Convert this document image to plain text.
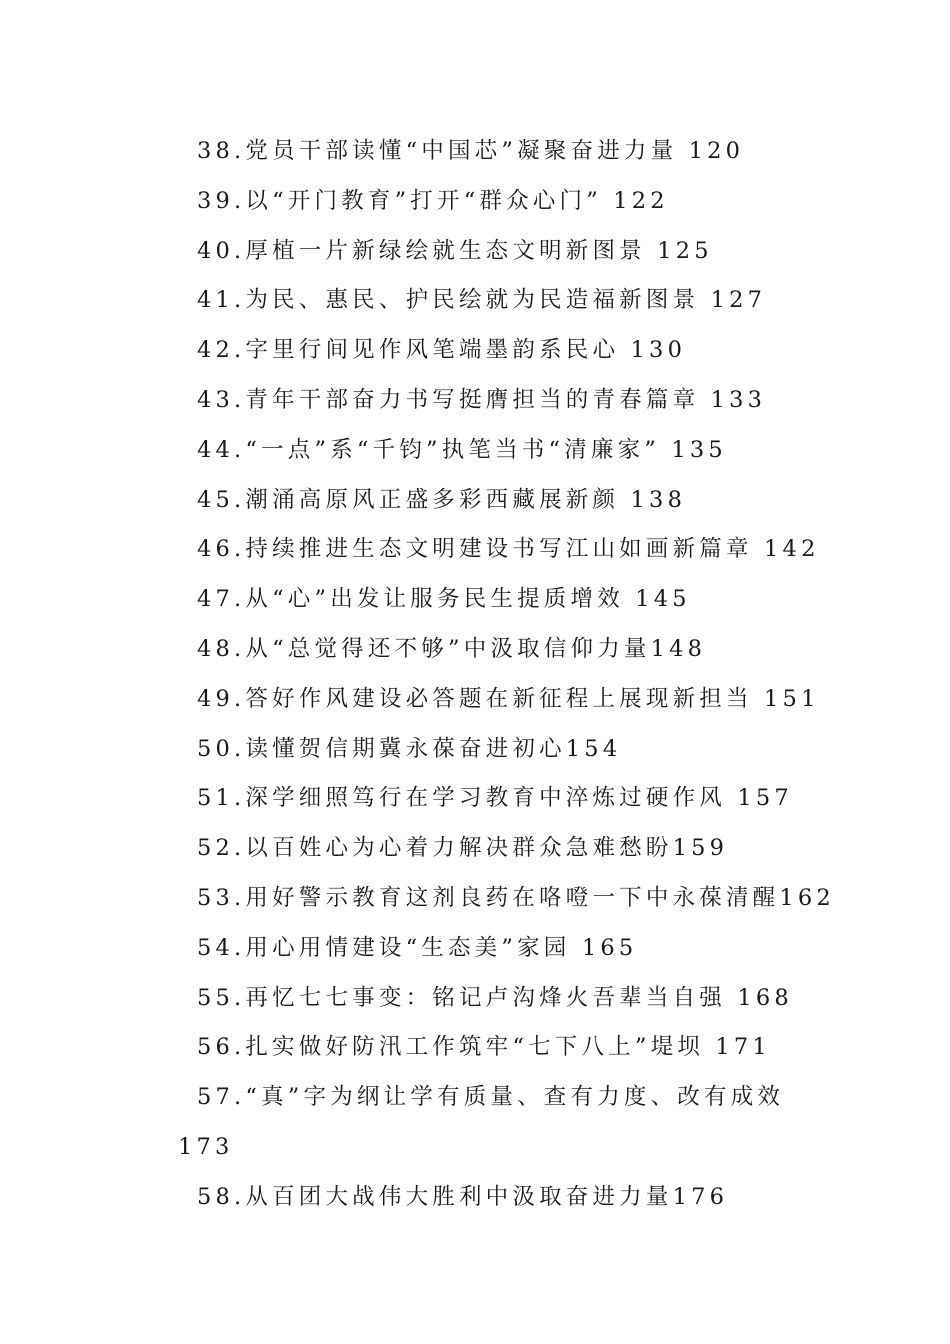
38.党员干部读懂“中国芯”凝聚奋进力量 120
39.以“开门教育”打开“群众心门” 122
40.厚植一片新绿绘就生态文明新图景 125
41.为民、惠民、护民绘就为民造福新图景 127
42.字里行间见作风笔端墨韵系民心 130
43.青年干部奋力书写挺膺担当的青春篇章 133
44.“一点”系“千钧”执笔当书“清廉家” 135
45.潮涌高原风正盛多彩西藏展新颜 138
46.持续推进生态文明建设书写江山如画新篇章 142
47.从“心”出发让服务民生提质增效 145
48.从“总觉得还不够”中汲取信仰力量148
49.答好作风建设必答题在新征程上展现新担当 151
50.读懂贺信期冀永葆奋进初心154
51.深学细照笃行在学习教育中淬炼过硬作风 157
52.以百姓心为心着力解决群众急难愁盼159
53.用好警示教育这剂良药在咯噔一下中永葆清醒162
54.用心用情建设“生态美”家园 165
55.再忆七七事变：铭记卢沟烽火吾辈当自强 168
56.扎实做好防汛工作筑牢“七下八上”堤坝 171
57.“真”字为纲让学有质量、查有力度、改有成效173
58.从百团大战伟大胜利中汲取奋进力量176
